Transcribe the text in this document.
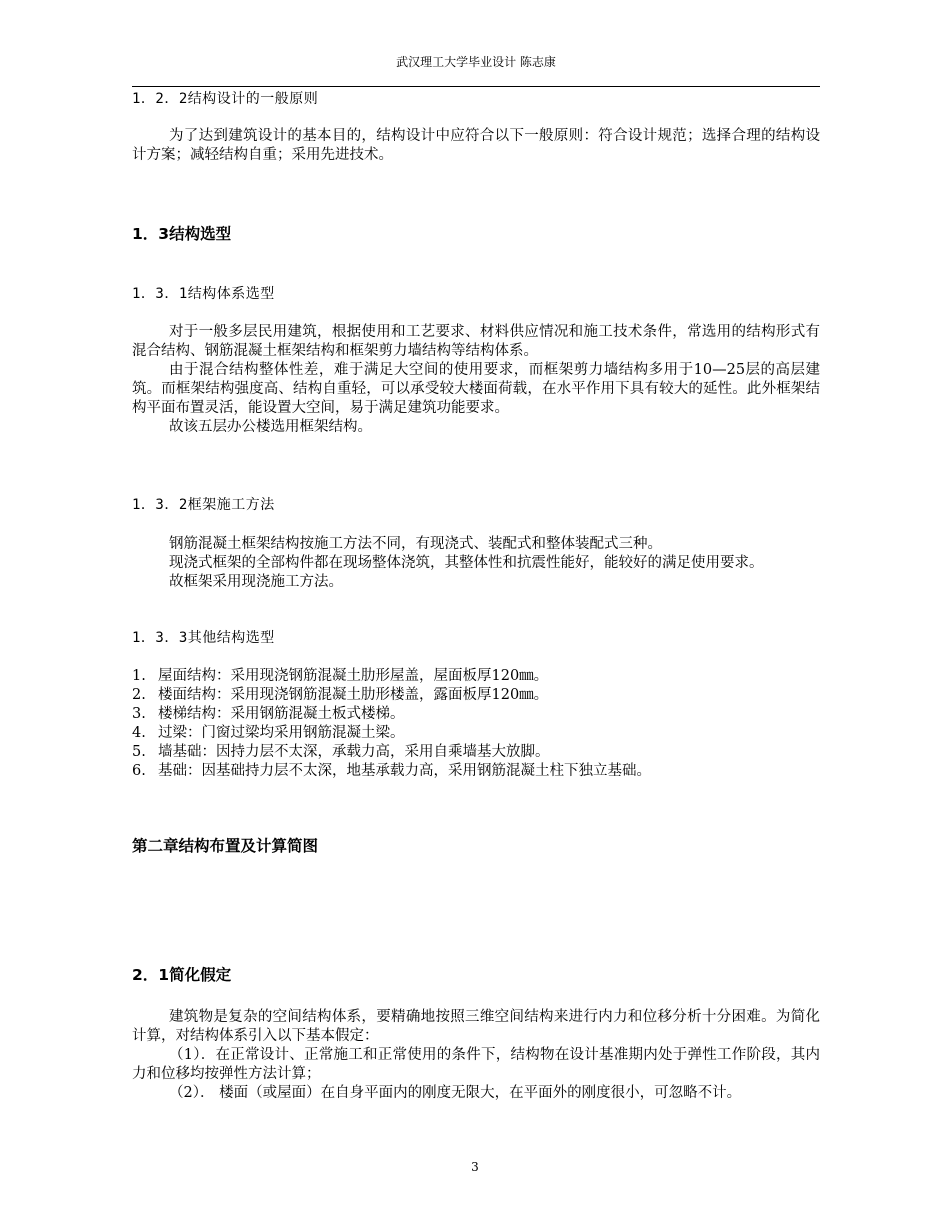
武汉理工大学毕业设计 陈志康
1．2．2结构设计的一般原则

为了达到建筑设计的基本目的，结构设计中应符合以下一般原则：符合设计规范；选择合理的结构设计方案；减轻结构自重；采用先进技术。

1．3结构选型
1．3．1结构体系选型

对于一般多层民用建筑，根据使用和工艺要求、材料供应情况和施工技术条件，常选用的结构形式有混合结构、钢筋混凝土框架结构和框架剪力墙结构等结构体系。

由于混合结构整体性差，难于满足大空间的使用要求，而框架剪力墙结构多用于10—25层的高层建筑。而框架结构强度高、结构自重轻，可以承受较大楼面荷载，在水平作用下具有较大的延性。此外框架结构平面布置灵活，能设置大空间，易于满足建筑功能要求。

故该五层办公楼选用框架结构。

1．3．2框架施工方法

钢筋混凝土框架结构按施工方法不同，有现浇式、装配式和整体装配式三种。

现浇式框架的全部构件都在现场整体浇筑，其整体性和抗震性能好，能较好的满足使用要求。

故框架采用现浇施工方法。

1．3．3其他结构选型
1. 屋面结构：采用现浇钢筋混凝土肋形屋盖，屋面板厚120㎜。
2. 楼面结构：采用现浇钢筋混凝土肋形楼盖，露面板厚120㎜。
3. 楼梯结构：采用钢筋混凝土板式楼梯。
4. 过梁：门窗过梁均采用钢筋混凝土梁。
5. 墙基础：因持力层不太深，承载力高，采用自乘墙基大放脚。
6. 基础：因基础持力层不太深，地基承载力高，采用钢筋混凝土柱下独立基础。
第二章结构布置及计算简图
2．1简化假定

建筑物是复杂的空间结构体系，要精确地按照三维空间结构来进行内力和位移分析十分困难。为简化计算，对结构体系引入以下基本假定：

（1）．在正常设计、正常施工和正常使用的条件下，结构物在设计基准期内处于弹性工作阶段，其内力和位移均按弹性方法计算；

（2）． 楼面（或屋面）在自身平面内的刚度无限大，在平面外的刚度很小，可忽略不计。

3
